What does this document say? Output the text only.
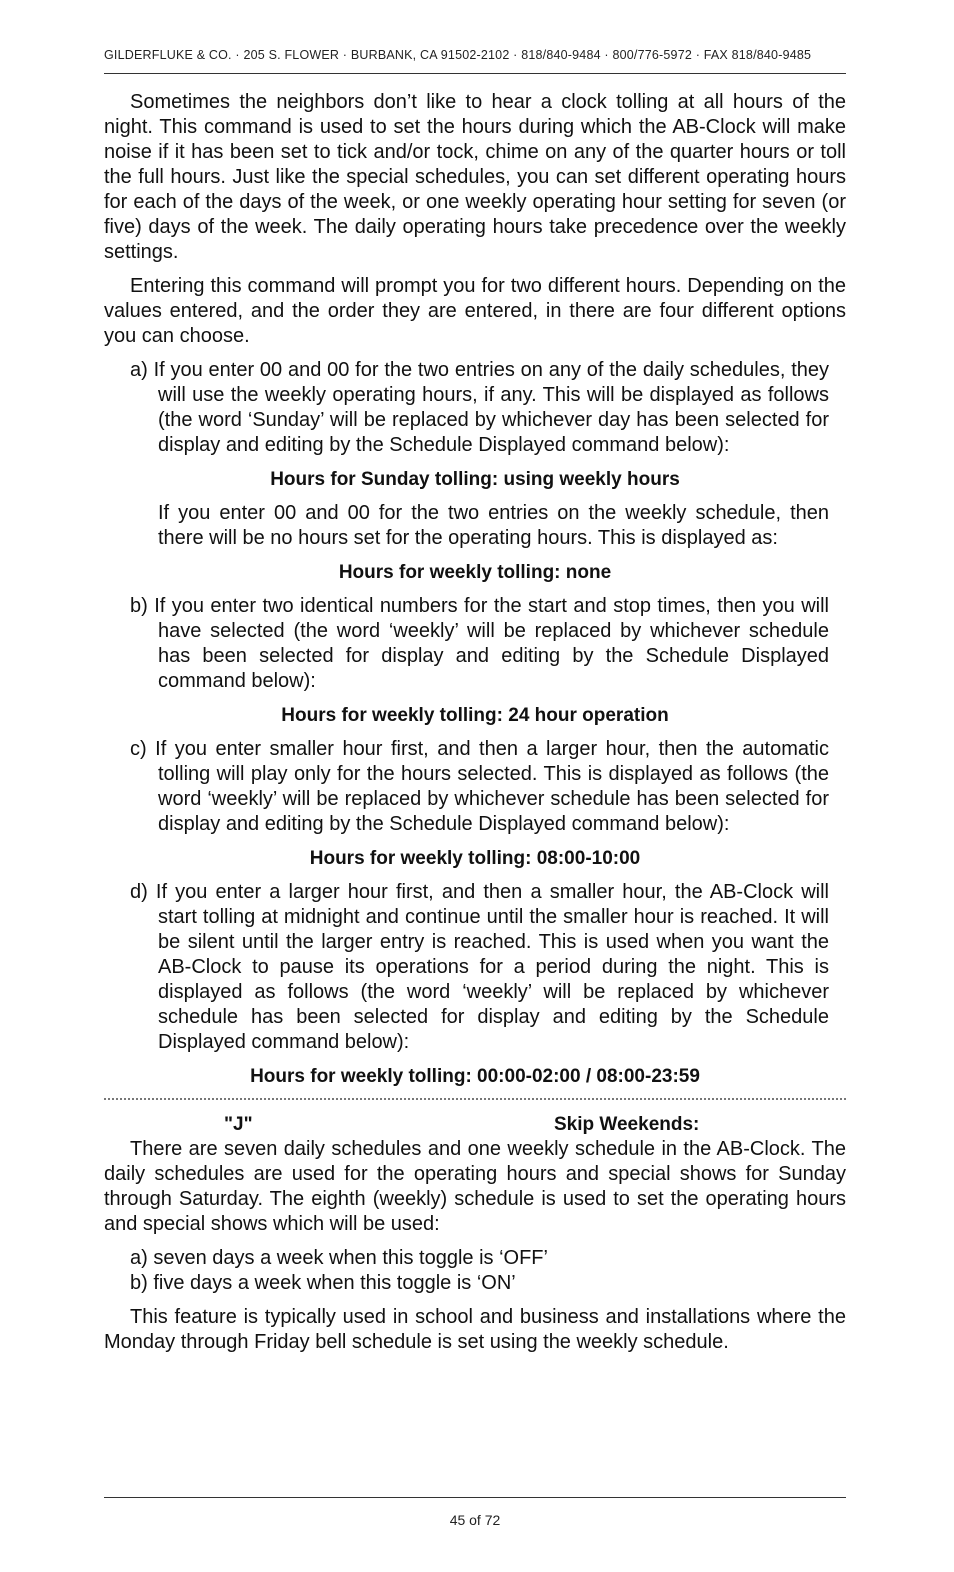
GILDERFLUKE & CO. · 205 S. FLOWER · BURBANK, CA 91502-2102 · 818/840-9484 · 800/776-5972 · FAX 818/840-9485

Sometimes the neighbors don’t like to hear a clock tolling at all hours of the night. This command is used to set the hours during which the AB-Clock will make noise if it has been set to tick and/or tock, chime on any of the quarter hours or toll the full hours. Just like the special schedules, you can set different operating hours for each of the days of the week, or one weekly operating hour setting for seven (or five) days of the week. The daily operating hours take precedence over the weekly settings.

Entering this command will prompt you for two different hours. Depending on the values entered, and the order they are entered, in there are four different options you can choose.

a) If you enter 00 and 00 for the two entries on any of the daily schedules, they will use the weekly operating hours, if any. This will be displayed as follows (the word ‘Sunday’ will be replaced by whichever day has been selected for display and editing by the Schedule Displayed command below):
Hours for Sunday tolling: using weekly hours
If you enter 00 and 00 for the two entries on the weekly schedule, then there will be no hours set for the operating hours. This is displayed as:
Hours for weekly tolling: none
b) If you enter two identical numbers for the start and stop times, then you will have selected (the word ‘weekly’ will be replaced by whichever schedule has been selected for display and editing by the Schedule Displayed command below):
Hours for weekly tolling: 24 hour operation
c) If you enter smaller hour first, and then a larger hour, then the automatic tolling will play only for the hours selected. This is displayed as follows (the word ‘weekly’ will be replaced by whichever schedule has been selected for display and editing by the Schedule Displayed command below):
Hours for weekly tolling: 08:00-10:00
d) If you enter a larger hour first, and then a smaller hour, the AB-Clock will start tolling at midnight and continue until the smaller hour is reached. It will be silent until the larger entry is reached. This is used when you want the AB-Clock to pause its operations for a period during the night. This is displayed as follows (the word ‘weekly’ will be replaced by whichever schedule has been selected for display and editing by the Schedule Displayed command below):
Hours for weekly tolling: 00:00-02:00 / 08:00-23:59
"J"	Skip Weekends:

There are seven daily schedules and one weekly schedule in the AB-Clock. The daily schedules are used for the operating hours and special shows for Sunday through Saturday. The eighth (weekly) schedule is used to set the operating hours and special shows which will be used:

a) seven days a week when this toggle is ‘OFF’
b) five days a week when this toggle is ‘ON’

This feature is typically used in school and business and installations where the Monday through Friday bell schedule is set using the weekly schedule.

45 of 72
